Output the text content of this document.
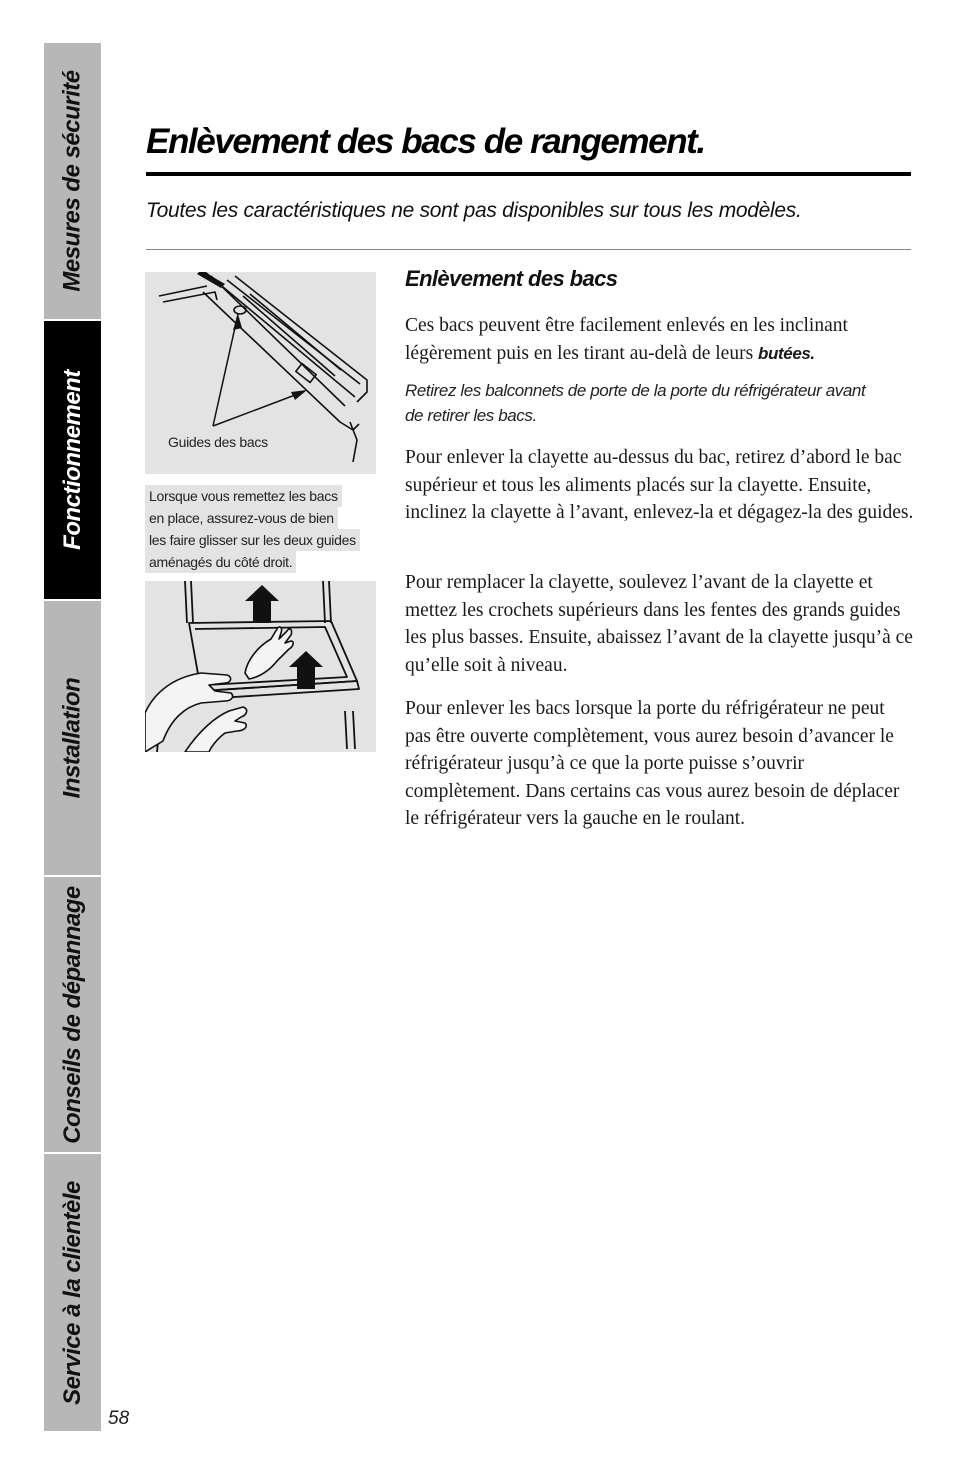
Mesures de sécurité
Fonctionnement
Installation
Conseils de dépannage
Service à la clientèle
58
Enlèvement des bacs de rangement.

Toutes les caractéristiques ne sont pas disponibles sur tous les modèles.

Guides des bacs
Lorsque vous remettez les bacs
en place, assurez-vous de bien
les faire glisser sur les deux guides
aménagés du côté droit.
Enlèvement des bacs

Ces bacs peuvent être facilement enlevés en les inclinant légèrement puis en les tirant au-delà de leurs butées.

Retirez les balconnets de porte de la porte du réfrigérateur avant de retirer les bacs.

Pour enlever la clayette au-dessus du bac, retirez d’abord le bac supérieur et tous les aliments placés sur la clayette. Ensuite, inclinez la clayette à l’avant, enlevez-la et dégagez-la des guides.

Pour remplacer la clayette, soulevez l’avant de la clayette et mettez les crochets supérieurs dans les fentes des grands guides les plus basses. Ensuite, abaissez l’avant de la clayette jusqu’à ce qu’elle soit à niveau.

Pour enlever les bacs lorsque la porte du réfrigérateur ne peut pas être ouverte complètement, vous aurez besoin d’avancer le réfrigérateur jusqu’à ce que la porte puisse s’ouvrir complètement. Dans certains cas vous aurez besoin de déplacer le réfrigérateur vers la gauche en le roulant.
